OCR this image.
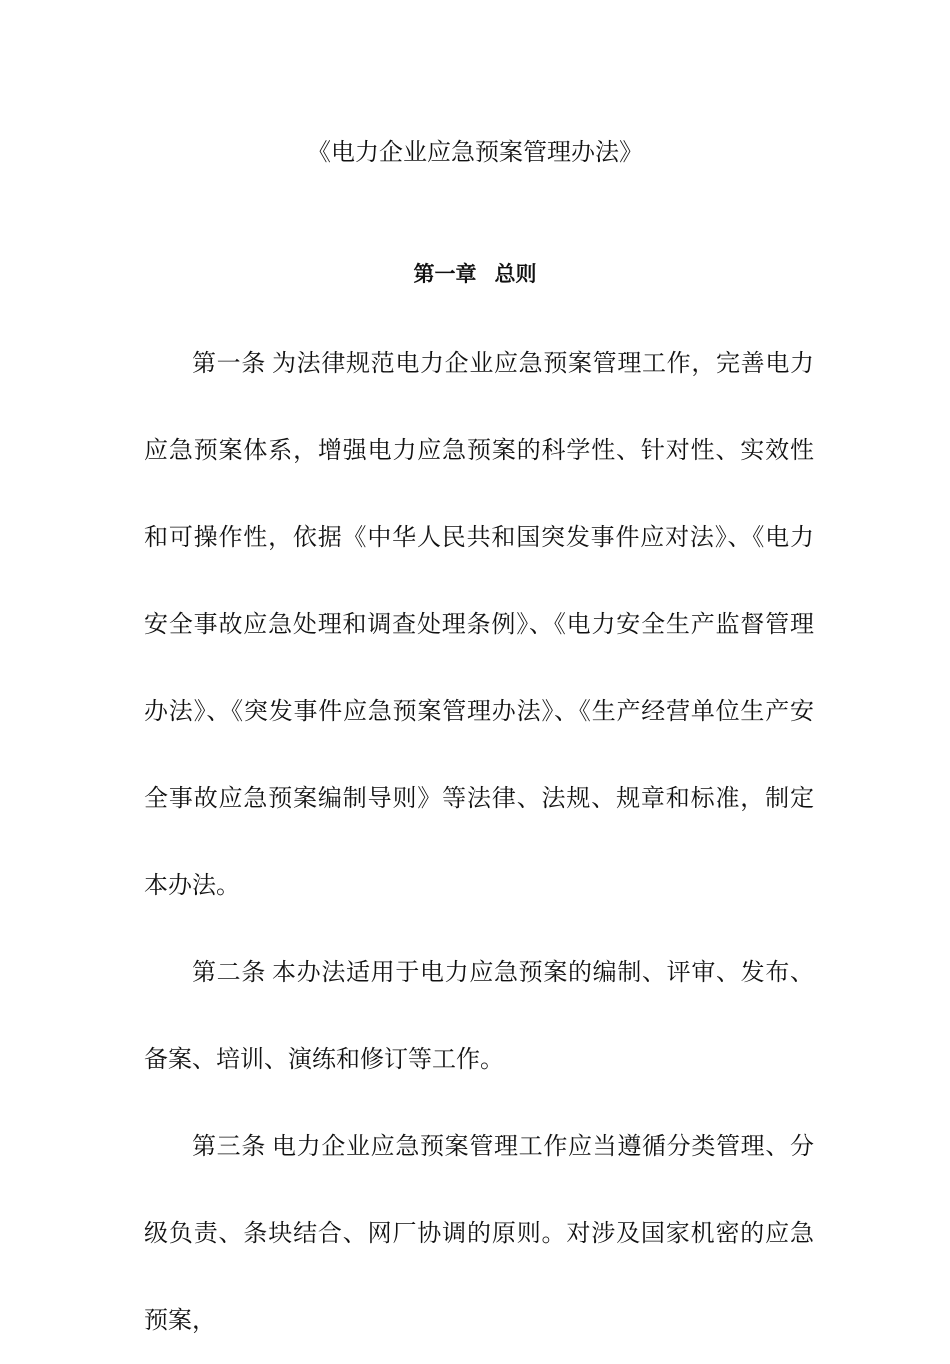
《电力企业应急预案管理办法》
第一章 总则

第一条 为法律规范电力企业应急预案管理工作，完善电力应急预案体系，增强电力应急预案的科学性、针对性、实效性和可操作性，依据《中华人民共和国突发事件应对法》、《电力安全事故应急处理和调查处理条例》、《电力安全生产监督管理办法》、《突发事件应急预案管理办法》、《生产经营单位生产安全事故应急预案编制导则》等法律、法规、规章和标准，制定本办法。

第二条 本办法适用于电力应急预案的编制、评审、发布、备案、培训、演练和修订等工作。

第三条 电力企业应急预案管理工作应当遵循分类管理、分级负责、条块结合、网厂协调的原则。对涉及国家机密的应急预案，
